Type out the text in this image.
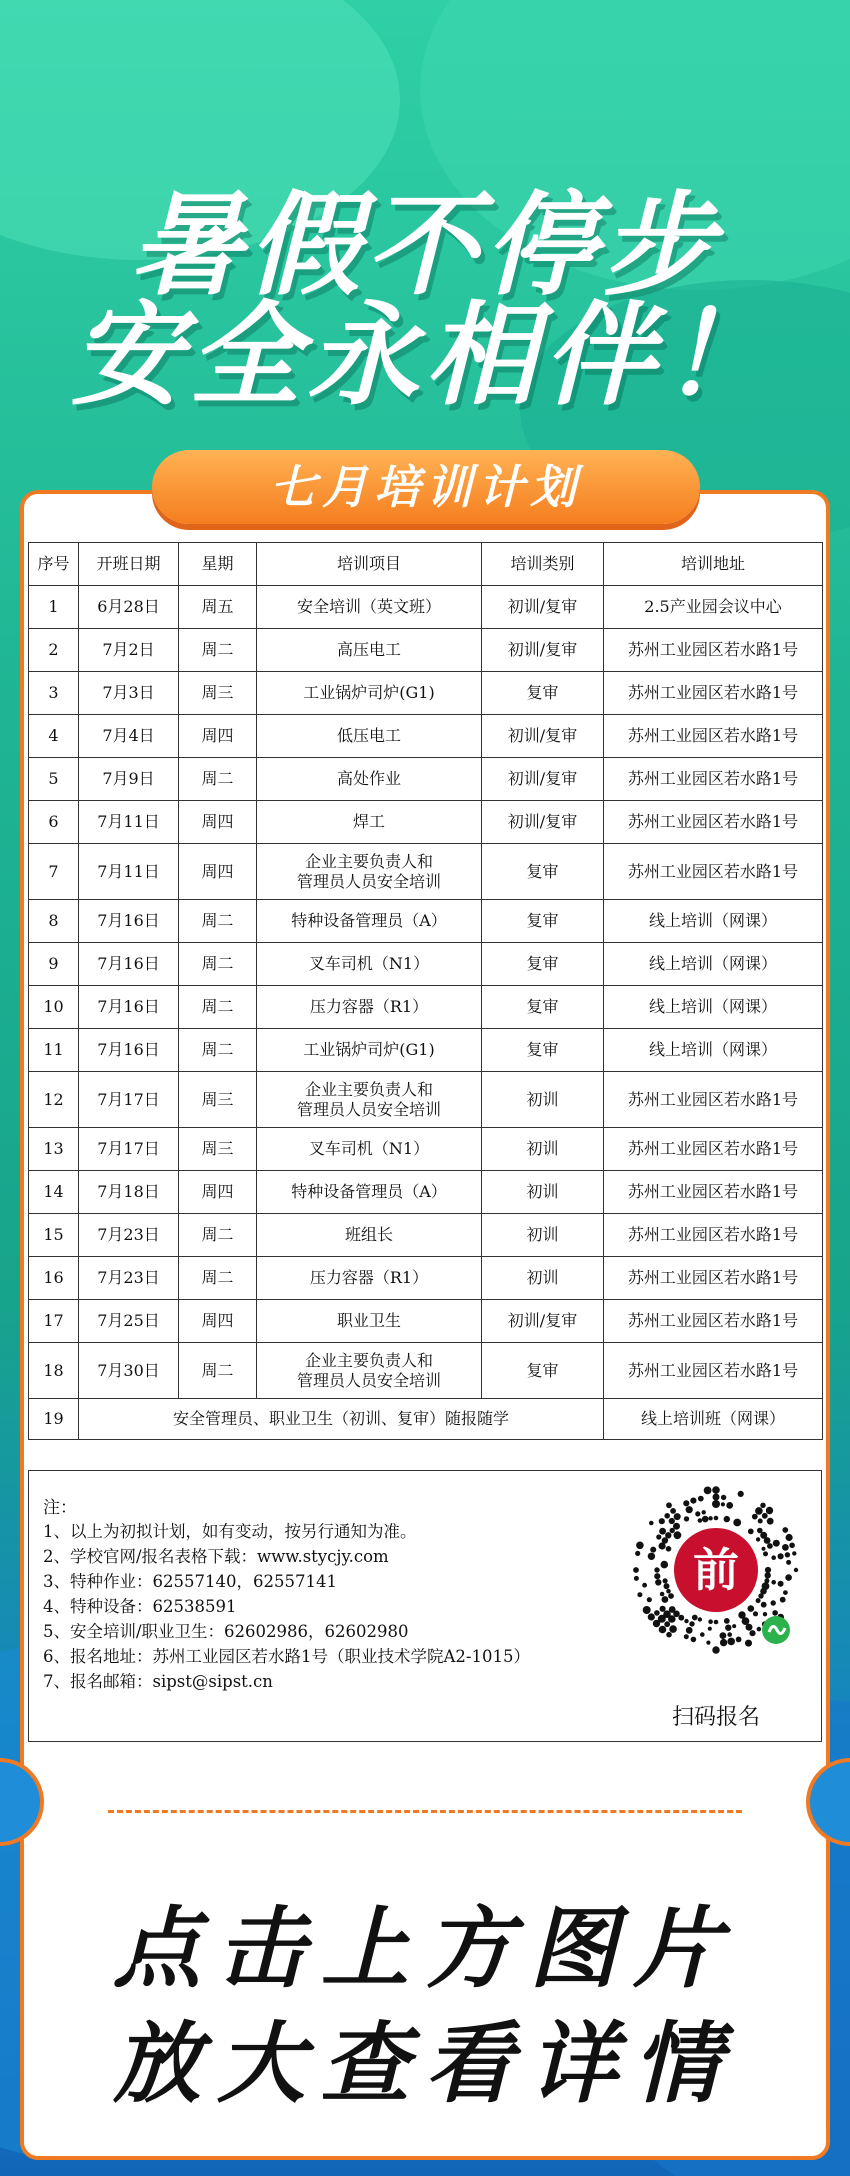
暑假不停步
安全永相伴！
七月培训计划
序号	开班日期	星期	培训项目	培训类别	培训地址
1	6月28日	周五	安全培训（英文班）	初训/复审	2.5产业园会议中心
2	7月2日	周二	高压电工	初训/复审	苏州工业园区若水路1号
3	7月3日	周三	工业锅炉司炉(G1)	复审	苏州工业园区若水路1号
4	7月4日	周四	低压电工	初训/复审	苏州工业园区若水路1号
5	7月9日	周二	高处作业	初训/复审	苏州工业园区若水路1号
6	7月11日	周四	焊工	初训/复审	苏州工业园区若水路1号
7	7月11日	周四	企业主要负责人和
管理员人员安全培训	复审	苏州工业园区若水路1号
8	7月16日	周二	特种设备管理员（A）	复审	线上培训（网课）
9	7月16日	周二	叉车司机（N1）	复审	线上培训（网课）
10	7月16日	周二	压力容器（R1）	复审	线上培训（网课）
11	7月16日	周二	工业锅炉司炉(G1)	复审	线上培训（网课）
12	7月17日	周三	企业主要负责人和
管理员人员安全培训	初训	苏州工业园区若水路1号
13	7月17日	周三	叉车司机（N1）	初训	苏州工业园区若水路1号
14	7月18日	周四	特种设备管理员（A）	初训	苏州工业园区若水路1号
15	7月23日	周二	班组长	初训	苏州工业园区若水路1号
16	7月23日	周二	压力容器（R1）	初训	苏州工业园区若水路1号
17	7月25日	周四	职业卫生	初训/复审	苏州工业园区若水路1号
18	7月30日	周二	企业主要负责人和
管理员人员安全培训	复审	苏州工业园区若水路1号
19	安全管理员、职业卫生（初训、复审）随报随学				线上培训班（网课）
注：
1、以上为初拟计划，如有变动，按另行通知为准。
2、学校官网/报名表格下载：www.stycjy.com
3、特种作业：62557140，62557141
4、特种设备：62538591
5、安全培训/职业卫生：62602986，62602980
6、报名地址：苏州工业园区若水路1号（职业技术学院A2-1015）
7、报名邮箱：sipst@sipst.cn
前
扫码报名
点击上方图片
放大查看详情
